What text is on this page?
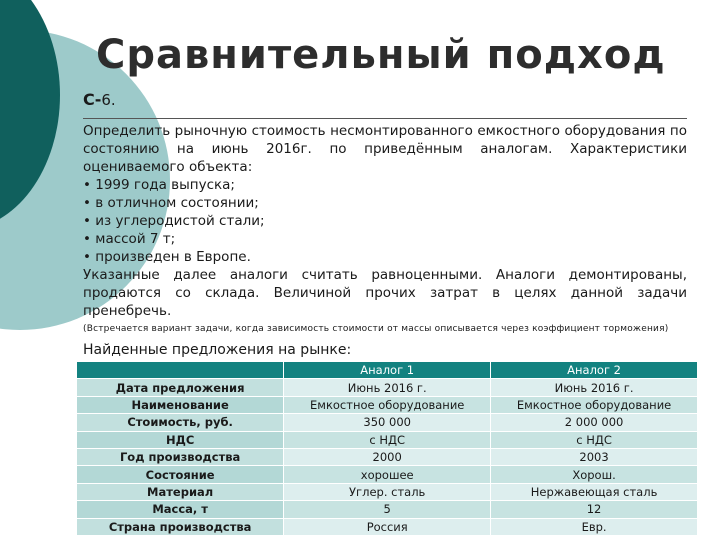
Сравнительный подход
С-6.

Определить рыночную стоимость несмонтированного емкостного оборудования по состоянию на июнь 2016г. по приведённым аналогам. Характеристики оцениваемого объекта:

• 1999 года выпуска;

• в отличном состоянии;

• из углеродистой стали;

• массой 7 т;

• произведен в Европе.

Указанные далее аналоги считать равноценными. Аналоги демонтированы, продаются со склада. Величиной прочих затрат в целях данной задачи пренебречь.

(Встречается вариант задачи, когда зависимость стоимости от массы описывается через коэффициент торможения)

Найденные предложения на рынке:
	Аналог 1	Аналог 2
Дата предложения	Июнь 2016 г.	Июнь 2016 г.
Наименование	Емкостное оборудование	Емкостное оборудование
Стоимость, руб.	350 000	2 000 000
НДС	с НДС	с НДС
Год производства	2000	2003
Состояние	хорошее	Хорош.
Материал	Углер. сталь	Нержавеющая сталь
Масса, т	5	12
Страна производства	Россия	Евр.
